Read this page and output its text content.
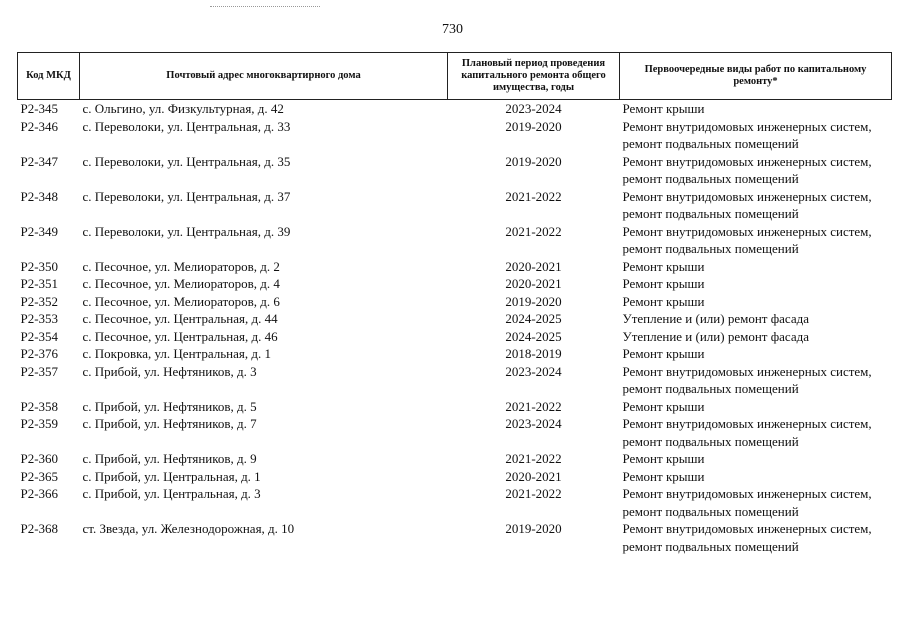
730
Код МКД	Почтовый адрес многоквартирного дома	Плановый период проведения капитального ремонта общего имущества, годы	Первоочередные виды работ по капитальному ремонту*
Р2-345	с. Ольгино, ул. Физкультурная, д. 42	2023-2024	Ремонт крыши

Р2-346	с. Переволоки, ул. Центральная, д. 33	2019-2020	Ремонт внутридомовых инженерных систем,
ремонт подвальных помещений

Р2-347	с. Переволоки, ул. Центральная, д. 35	2019-2020	Ремонт внутридомовых инженерных систем,
ремонт подвальных помещений

Р2-348	с. Переволоки, ул. Центральная, д. 37	2021-2022	Ремонт внутридомовых инженерных систем,
ремонт подвальных помещений

Р2-349	с. Переволоки, ул. Центральная, д. 39	2021-2022	Ремонт внутридомовых инженерных систем,
ремонт подвальных помещений

Р2-350	с. Песочное, ул. Мелиораторов, д. 2	2020-2021	Ремонт крыши

Р2-351	с. Песочное, ул. Мелиораторов, д. 4	2020-2021	Ремонт крыши

Р2-352	с. Песочное, ул. Мелиораторов, д. 6	2019-2020	Ремонт крыши

Р2-353	с. Песочное, ул. Центральная, д. 44	2024-2025	Утепление и (или) ремонт фасада

Р2-354	с. Песочное, ул. Центральная, д. 46	2024-2025	Утепление и (или) ремонт фасада

Р2-376	с. Покровка, ул. Центральная, д. 1	2018-2019	Ремонт крыши

Р2-357	с. Прибой, ул. Нефтяников, д. 3	2023-2024	Ремонт внутридомовых инженерных систем,
ремонт подвальных помещений

Р2-358	с. Прибой, ул. Нефтяников, д. 5	2021-2022	Ремонт крыши

Р2-359	с. Прибой, ул. Нефтяников, д. 7	2023-2024	Ремонт внутридомовых инженерных систем,
ремонт подвальных помещений

Р2-360	с. Прибой, ул. Нефтяников, д. 9	2021-2022	Ремонт крыши

Р2-365	с. Прибой, ул. Центральная, д. 1	2020-2021	Ремонт крыши

Р2-366	с. Прибой, ул. Центральная, д. 3	2021-2022	Ремонт внутридомовых инженерных систем,
ремонт подвальных помещений

Р2-368	ст. Звезда, ул. Железнодорожная, д. 10	2019-2020	Ремонт внутридомовых инженерных систем,
ремонт подвальных помещений
